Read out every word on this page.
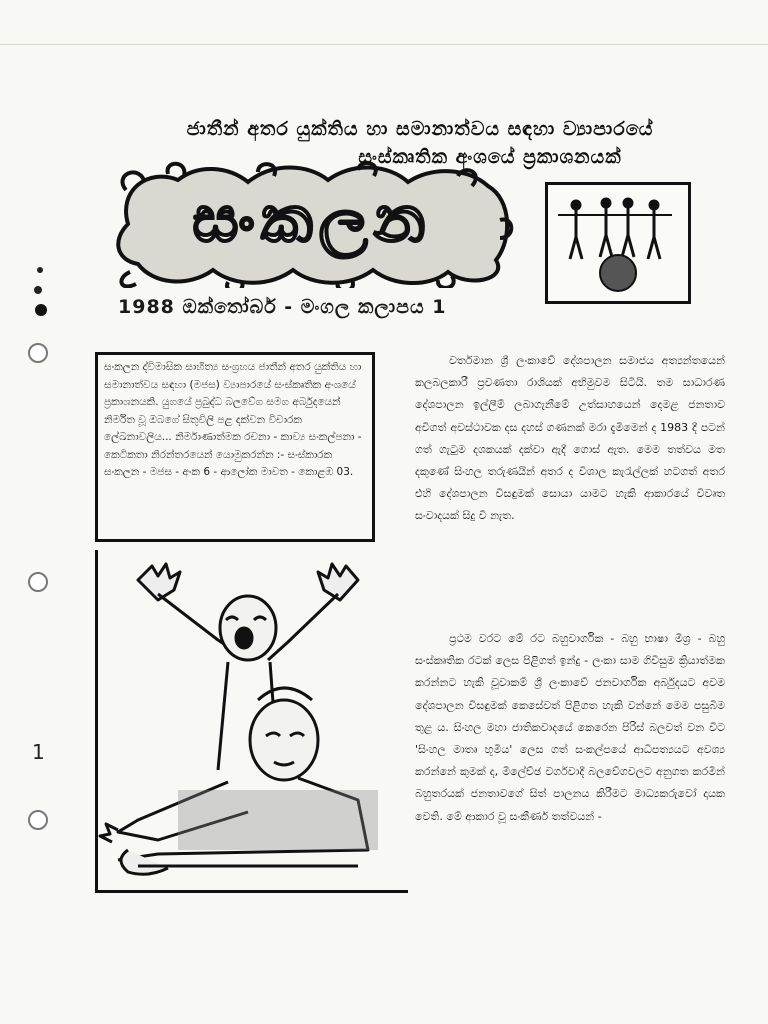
1
ජාතීන් අතර යුක්තිය හා සමානාත්වය සඳහා ව්‍යාපාරයේ
සංස්කෘතික අංශයේ ප්‍රකාශනයක්
සංකලන
1988 ඔක්තෝබර් - මංගල කලාපය 1
සංකලන ද්විමාසික සාහිත්‍ය සංග්‍රහය ජාතීන් අතර යුක්තිය හා සමානාත්වය සඳහා (මජස) ව්‍යාපාරයේ සංස්කෘතික අංශයේ ප්‍රකාශනයකි. යුගයේ ප්‍රබුද්ධ බලවේග සමග අර්බුදයෙන් නිර්මිත වූ ඔබගේ සිතුවිලි පළ දක්වන විචාරක ලේඛනාවලිය... නිර්මාණාත්මක රචනා - කාව්‍ය සංකල්පනා - කෙටිකතා නිරන්තරයෙන් යොමුකරන්න :- සංස්කාරක සංකලන - මජස - අංක 6 - ආලෝක මාවත - කොළඹ 03.

වර්තමාන ශ්‍රී ලංකාවේ දේශපාලන සමාජය අත්‍යන්තයෙන් කලබලකාරී ප්‍රවණතා රාශියක් අභිමුවම සිටියි. තම සාධාරණ දේශපාලන ඉල්ලීම් ලබාගැනීමේ උත්සාහයෙන් දෙමළ ජනතාව අවිගත් අවස්ථාවක දස දහස් ගණනක් මරා දැමීමෙන් ද 1983 දී පටන් ගත් ගැටුම දශකයක් දක්වා ඇදී ගොස් ඇත. මෙම තත්වය මත දකුණේ සිංහල තරුණයින් අතර ද විශාල කැරැල්ලක් හටගත් අතර එහි දේශපාලන විසඳුමක් සොයා යාමට හැකි ආකාරයේ විවෘත සංවාදයක් සිදු වී නැත.

ප්‍රථම වරට මේ රට බහුවාර්ගික - බහු භාෂා මිශ්‍ර - බහු සංස්කෘතික රටක් ලෙස පිළිගත් ඉන්දු - ලංකා සාම ගිවිසුම ක්‍රියාත්මක කරන්නට හැකි වූවාකම් ශ්‍රී ලංකාවේ ජනවාර්ගික අර්බුදයට අවම දේශපාලන විසඳුමක් කෙසේවත් පිළිගත හැකි වන්නේ මෙම පසුබිම තුළ ය. සිංහල මහා ජාතිකවාදයේ කෙරෙන පිරිස් බලවත් වන විට 'සිංහල මාතෘ භූමිය' ලෙස ගත් සංකල්පයේ ආධිපත්‍යයට අවශ්‍ය කරන්නේ කුමක් ද, මිලේච්ඡ වර්ගවාදී බලවේගවලට අනුගත කරමින් බහුතරයක් ජනතාවගේ සිත් පාලනය කිරීමට මාධ්‍යකරුවෝ දායක වෙති. මේ ආකාර වූ සංකීර්ණ තත්වයන් -
